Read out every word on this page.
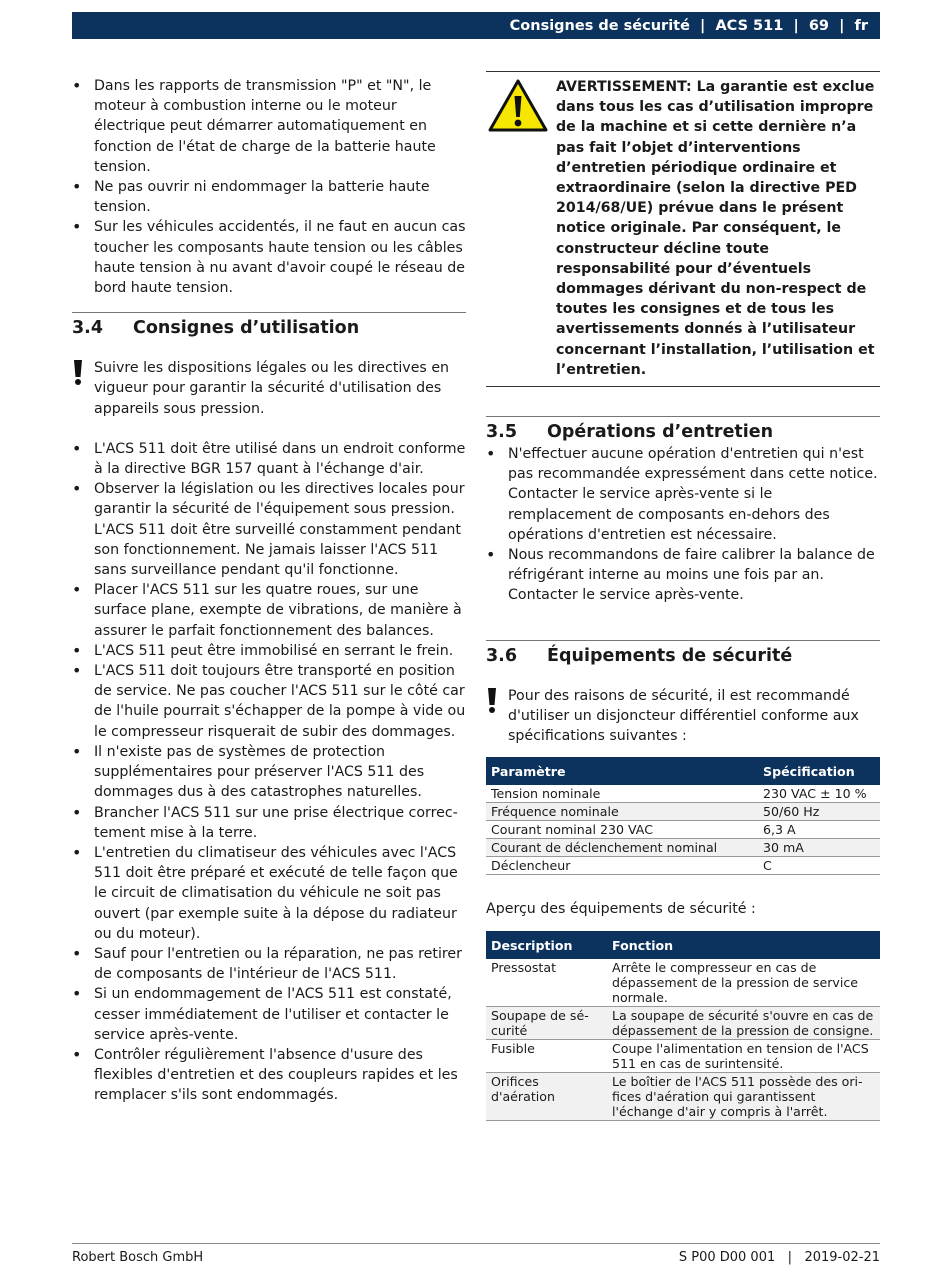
Consignes de sécurité | ACS 511 | 69 | fr
• Dans les rapports de transmission "P" et "N", le moteur à combustion interne ou le moteur électrique peut démarrer automatiquement en fonction de l'état de charge de la batterie haute tension.
• Ne pas ouvrir ni endommager la batterie haute tension.
• Sur les véhicules accidentés, il ne faut en aucun cas toucher les composants haute tension ou les câbles haute tension à nu avant d'avoir coupé le réseau de bord haute tension.
3.4	Consignes d’utilisation
Suivre les dispositions légales ou les directives en vigueur pour garantir la sécurité d'utilisation des appareils sous pression.
• L'ACS 511 doit être utilisé dans un endroit conforme à la directive BGR 157 quant à l'échange d'air.
• Observer la législation ou les directives locales pour garantir la sécurité de l'équipement sous pression. L'ACS 511 doit être surveillé constamment pendant son fonctionnement. Ne jamais laisser l'ACS 511 sans surveillance pendant qu'il fonctionne.
• Placer l'ACS 511 sur les quatre roues, sur une surface plane, exempte de vibrations, de manière à assurer le parfait fonctionnement des balances.
• L'ACS 511 peut être immobilisé en serrant le frein.
• L'ACS 511 doit toujours être transporté en position de service. Ne pas coucher l'ACS 511 sur le côté car de l'huile pourrait s'échapper de la pompe à vide ou le compresseur risquerait de subir des dommages.
• Il n'existe pas de systèmes de protection supplémentaires pour préserver l'ACS 511 des dommages dus à des catastrophes naturelles.
• Brancher l'ACS 511 sur une prise électrique correctement mise à la terre.
• L'entretien du climatiseur des véhicules avec l'ACS 511 doit être préparé et exécuté de telle façon que le circuit de climatisation du véhicule ne soit pas ouvert (par exemple suite à la dépose du radiateur ou du moteur).
• Sauf pour l'entretien ou la réparation, ne pas retirer de composants de l'intérieur de l'ACS 511.
• Si un endommagement de l'ACS 511 est constaté, cesser immédiatement de l'utiliser et contacter le service après-vente.
• Contrôler régulièrement l'absence d'usure des flexibles d'entretien et des coupleurs rapides et les remplacer s'ils sont endommagés.
AVERTISSEMENT: La garantie est exclue dans tous les cas d’utilisation impropre de la machine et si cette dernière n’a pas fait l’objet d’interventions d’entretien périodique ordinaire et extraordinaire (selon la directive PED 2014/68/UE) prévue dans le présent notice originale. Par conséquent, le constructeur décline toute responsabilité pour d’éventuels dommages dérivant du non-respect de toutes les consignes et de tous les avertissements donnés à l’utilisateur concernant l’installation, l’utilisation et l’entretien.
3.5	Opérations d’entretien
• N'effectuer aucune opération d'entretien qui n'est pas recommandée expressément dans cette notice. Contacter le service après-vente si le remplacement de composants en-dehors des opérations d'entretien est nécessaire.
• Nous recommandons de faire calibrer la balance de réfrigérant interne au moins une fois par an. Contacter le service après-vente.
3.6	Équipements de sécurité
Pour des raisons de sécurité, il est recommandé d'utiliser un disjoncteur différentiel conforme aux spécifications suivantes :
Paramètre	Spécification
Tension nominale	230 VAC ± 10 %
Fréquence nominale	50/60 Hz
Courant nominal 230 VAC	6,3 A
Courant de déclenchement nominal	30 mA
Déclencheur	C
Aperçu des équipements de sécurité :
Description	Fonction
Pressostat	Arrête le compresseur en cas de dépassement de la pression de service normale.
Soupape de sécurité	La soupape de sécurité s'ouvre en cas de dépassement de la pression de consigne.
Fusible	Coupe l'alimentation en tension de l'ACS 511 en cas de surintensité.
Orifices d'aération	Le boîtier de l'ACS 511 possède des orifices d'aération qui garantissent l'échange d'air y compris à l'arrêt.
Robert Bosch GmbH	S P00 D00 001   |   2019-02-21
